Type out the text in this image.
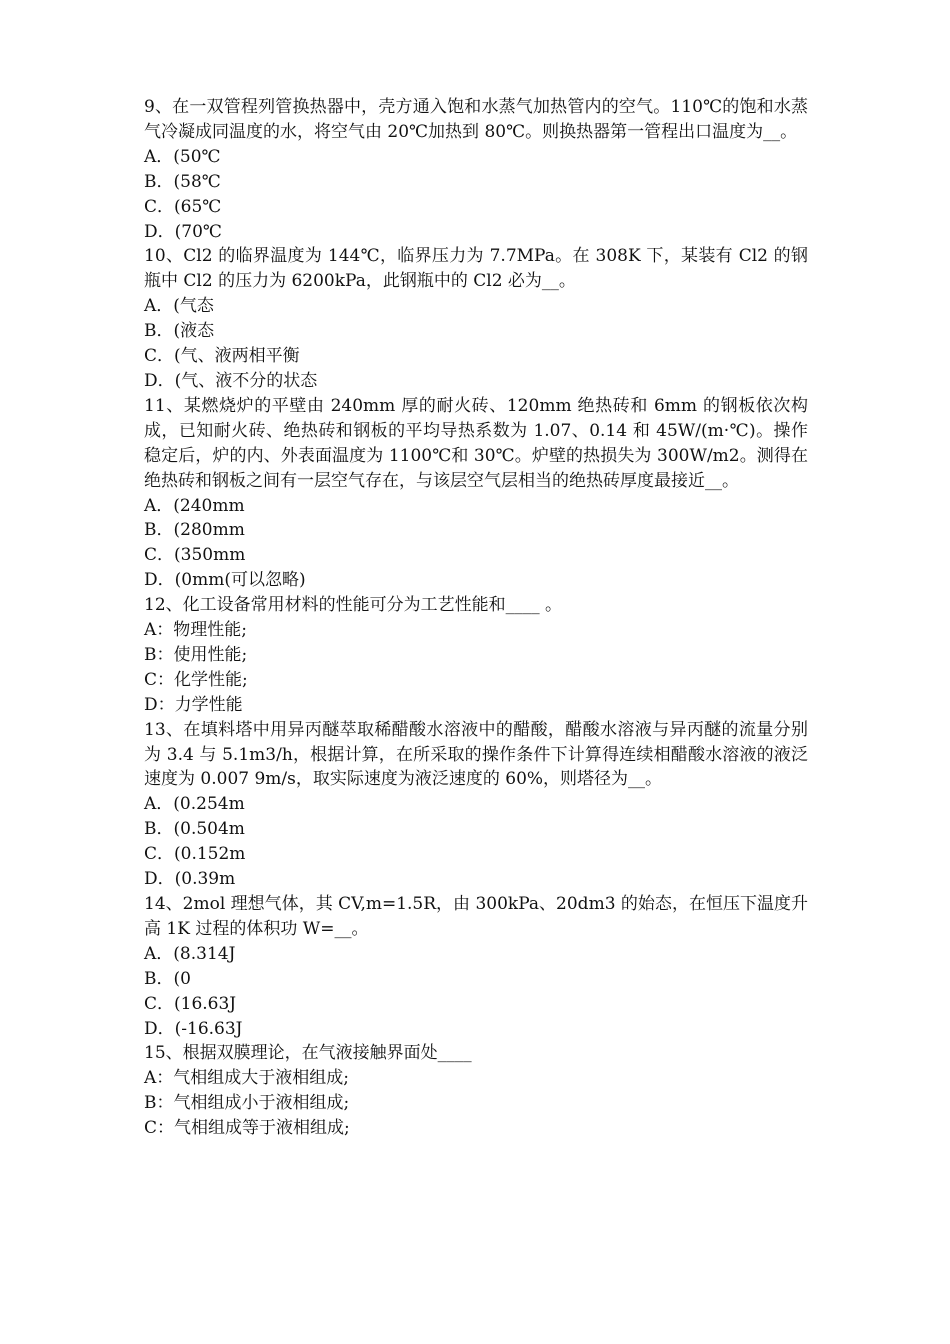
9、在一双管程列管换热器中，壳方通入饱和水蒸气加热管内的空气。110℃的饱和水蒸气冷凝成同温度的水，将空气由 20℃加热到 80℃。则换热器第一管程出口温度为__。

A．(50℃

B．(58℃

C．(65℃

D．(70℃

10、Cl2 的临界温度为 144℃，临界压力为 7.7MPa。在 308K 下，某装有 Cl2 的钢瓶中 Cl2 的压力为 6200kPa，此钢瓶中的 Cl2 必为__。

A．(气态

B．(液态

C．(气、液两相平衡

D．(气、液不分的状态

11、某燃烧炉的平壁由 240mm 厚的耐火砖、120mm 绝热砖和 6mm 的钢板依次构成，已知耐火砖、绝热砖和钢板的平均导热系数为 1.07、0.14 和 45W/(m·℃)。操作稳定后，炉的内、外表面温度为 1100℃和 30℃。炉壁的热损失为 300W/m2。测得在绝热砖和钢板之间有一层空气存在，与该层空气层相当的绝热砖厚度最接近__。

A．(240mm

B．(280mm

C．(350mm

D．(0mm(可以忽略)

12、化工设备常用材料的性能可分为工艺性能和____ 。

A：物理性能;

B：使用性能;

C：化学性能;

D：力学性能

13、在填料塔中用异丙醚萃取稀醋酸水溶液中的醋酸，醋酸水溶液与异丙醚的流量分别为 3.4 与 5.1m3/h，根据计算，在所采取的操作条件下计算得连续相醋酸水溶液的液泛速度为 0.007 9m/s，取实际速度为液泛速度的 60%，则塔径为__。

A．(0.254m

B．(0.504m

C．(0.152m

D．(0.39m

14、2mol 理想气体，其 CV,m=1.5R，由 300kPa、20dm3 的始态，在恒压下温度升高 1K 过程的体积功 W=__。

A．(8.314J

B．(0

C．(16.63J

D．(-16.63J

15、根据双膜理论，在气液接触界面处____

A：气相组成大于液相组成;

B：气相组成小于液相组成;

C：气相组成等于液相组成;
